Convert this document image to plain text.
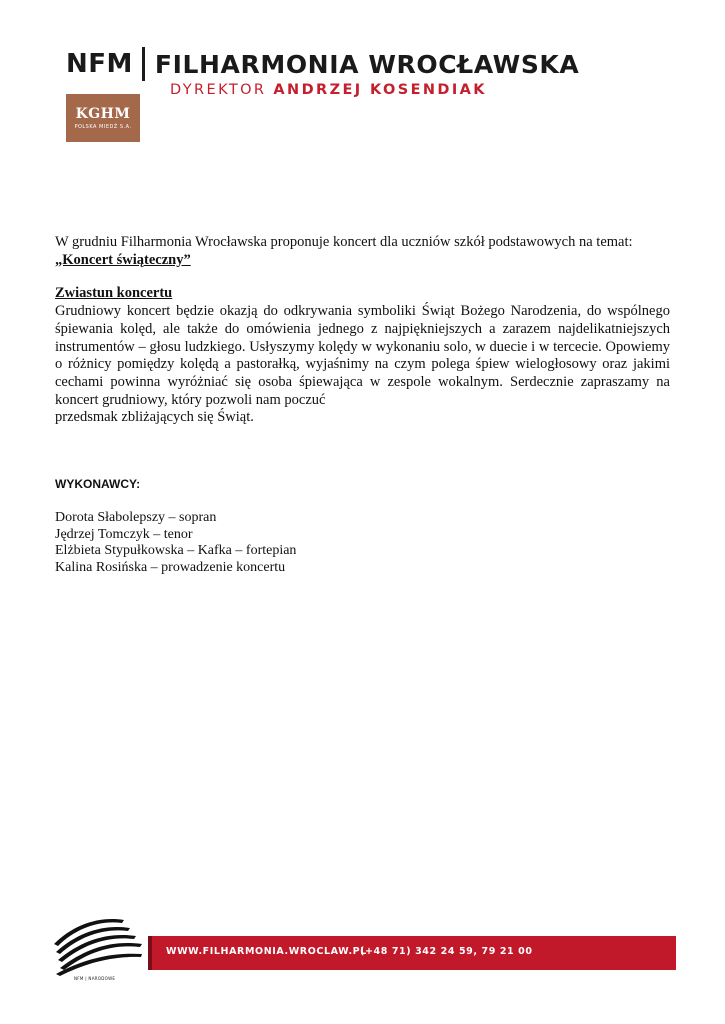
NFM FILHARMONIA WROCŁAWSKA
DYREKTOR ANDRZEJ KOSENDIAK
KGHM
POLSKA MIEDŹ S.A.

W grudniu Filharmonia Wrocławska proponuje koncert dla uczniów szkół podstawowych na temat: „Koncert świąteczny”

Zwiastun koncertu

Grudniowy koncert będzie okazją do odkrywania symboliki Świąt Bożego Narodzenia, do wspólnego śpiewania kolęd, ale także do omówienia jednego z najpiękniejszych a zarazem najdelikatniejszych instrumentów – głosu ludzkiego. Usłyszymy kolędy w wykonaniu solo, w duecie i w tercecie. Opowiemy o różnicy pomiędzy kolędą a pastorałką, wyjaśnimy na czym polega śpiew wielogłosowy oraz jakimi cechami powinna wyróżniać się osoba śpiewająca w zespole wokalnym. Serdecznie zapraszamy na koncert grudniowy, który pozwoli nam poczuć

przedsmak zbliżających się Świąt.

WYKONAWCY:
Dorota Słabolepszy – sopran
Jędrzej Tomczyk – tenor
Elżbieta Stypułkowska – Kafka – fortepian
Kalina Rosińska – prowadzenie koncertu
NFM | NARODOWE
WWW.FILHARMONIA.WROCLAW.PL
(+48 71) 342 24 59, 79 21 00
